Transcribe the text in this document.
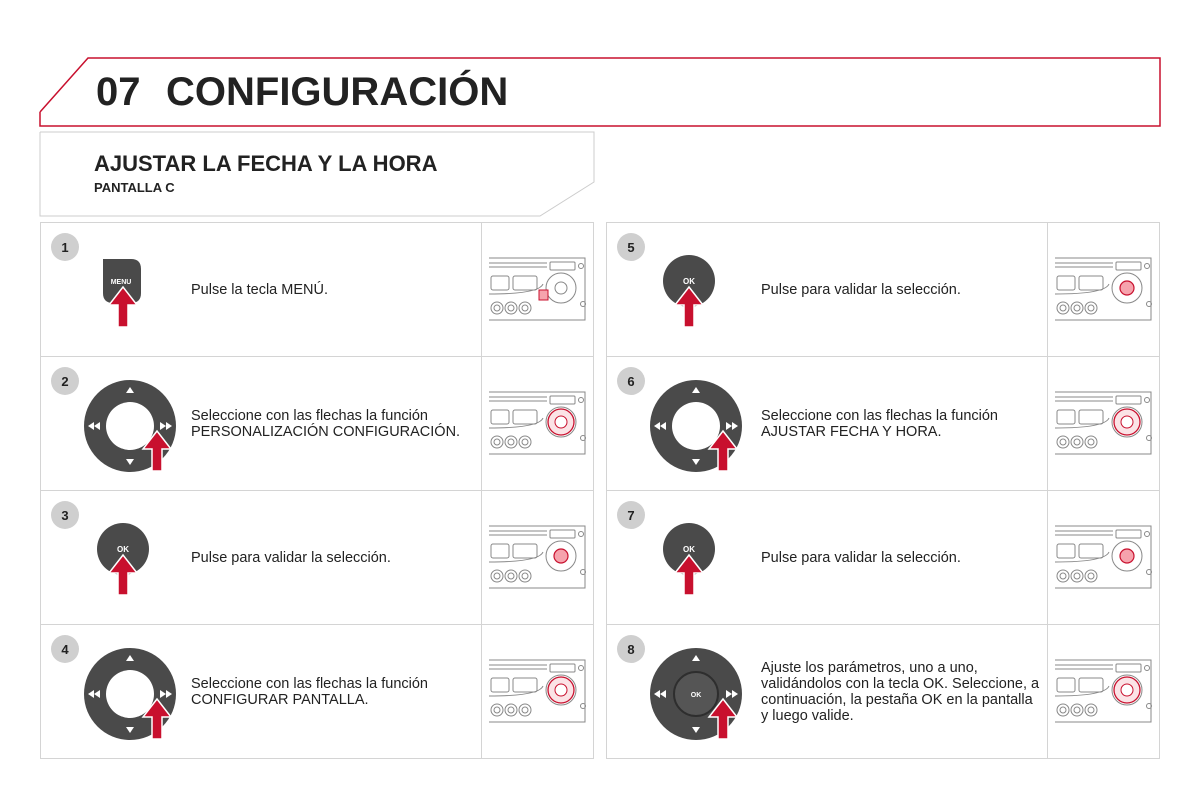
07 CONFIGURACIÓN
AJUSTAR LA FECHA Y LA HORA
PANTALLA C
1
MENU	Pulse la tecla MENÚ.
2
Seleccione con las flechas la función PERSONALIZACIÓN CONFIGURACIÓN.
3
OK
Pulse para validar la selección.
4
Seleccione con las flechas la función CONFIGURAR PANTALLA.
5
OK
Pulse para validar la selección.
6
Seleccione con las flechas la función AJUSTAR FECHA Y HORA.
7
OK
Pulse para validar la selección.
8
OK
Ajuste los parámetros, uno a uno, validándolos con la tecla OK. Seleccione, a continuación, la pestaña OK en la pantalla y luego valide.
